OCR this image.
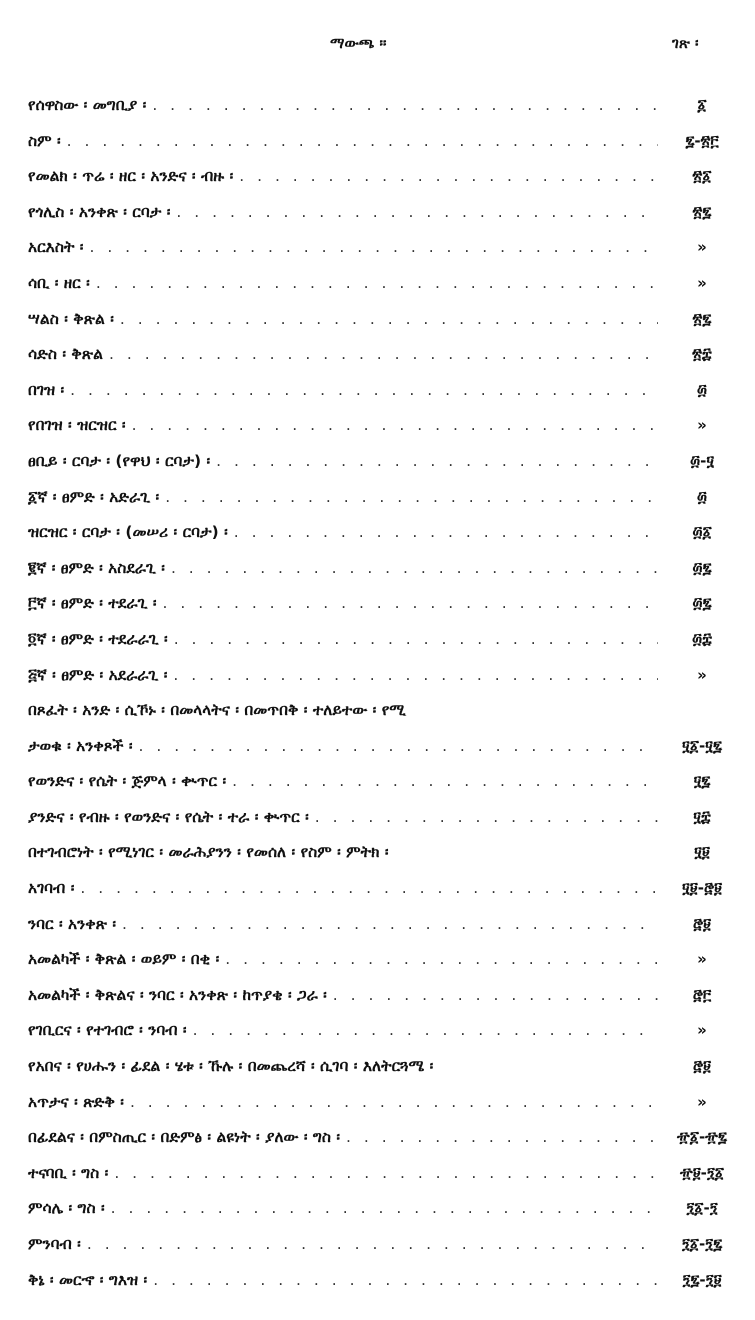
ማውጫ ።	ገጽ ፡
የሰዋስው ፡ መግቢያ ፡ . . .	፩
ስም ፡ . . .	፯-፳፫
የመልክ ፡ ጥሬ ፡ ዘር ፡ አንድና ፡ ብዙ ፡ . . .	፳፩
የጎሊስ ፡ አንቀጽ ፡ ርባታ ፡ . . .	፳፯
አርእስት ፡ . . .	»
ሳቢ ፡ ዘር ፡ . . .	»
ሣልስ ፡ ቅጽል ፡ . . .	፳፯
ሳድስ ፡ ቅጽል . . .	፳፰
በገዝ ፡ . . .	፴
የበገዝ ፡ ዝርዝር ፡ . . .	»
ፀቢይ ፡ ርባታ ፡ (የዋህ ፡ ርባታ) ፡ . . .	፴-፶
፩ኛ ፡ ፀምድ ፡ አድራጊ ፡ . . .	፴
ዝርዝር ፡ ርባታ ፡ (መሠሪ ፡ ርባታ) ፡ . . .	፴፩
፪ኛ ፡ ፀምድ ፡ አስደራጊ ፡ . . .	፴፯
፫ኛ ፡ ፀምድ ፡ ተደራጊ ፡ . . .	፴፯
፬ኛ ፡ ፀምድ ፡ ተደራራጊ ፡ . . .	፴፰
፭ኛ ፡ ፀምድ ፡ አደራራጊ ፡ . . .	»
በጾፈት ፡ አንድ ፡ ሲኾኑ ፡ በመላላትና ፡ በመጥበቅ ፡ ተለይተው ፡ የሚ
ታወቁ ፡ አንቀጾች ፡ . . .	፶፩-፶፯
የወንድና ፡ የሴት ፡ ጅምላ ፡ ቊጥር ፡ . . .	፶፯
ያንድና ፡ የብዙ ፡ የወንድና ፡ የሴት ፡ ተራ ፡ ቊጥር ፡ . . .	፶፰
በተገብሮነት ፡ የሚነገር ፡ መራሕያንን ፡ የመሰለ ፡ የስም ፡ ምትክ ፡	፶፱
አገባብ ፡ . . .	፶፱-፸፱
ንባር ፡ አንቀጽ ፡ . . .	፸፱
አመልካች ፡ ቅጽል ፡ ወይም ፡ በቂ ፡ . . .	»
አመልካች ፡ ቅጽልና ፡ ንባር ፡ አንቀጽ ፡ ከጥያቄ ፡ ጋራ ፡ . . .	፸፫
የገቢርና ፡ የተገብሮ ፡ ንባብ ፡ . . .	»
የአበና ፡ የሀሑን ፡ ፊደል ፡ ሄቱ ፡ ኹሉ ፡ በመጨረሻ ፡ ሲገባ ፡ እለትርጓሜ ፡	፸፱
አጥታና ፡ ጽድቅ ፡ . . .	»
በፊደልና ፡ በምስጢር ፡ በድምፅ ፡ ልዩነት ፡ ያለው ፡ ግስ ፡ . . .	፹፩-፹፯
ተናባቢ ፡ ግስ ፡ . . .	፹፱-፺፩
ምሳሌ ፡ ግስ ፡ . . .	፺፩-፺
ምንባብ ፡ . . .	፺፩-፺፯
ቅኔ ፡ መርኆ ፡ ግእዝ ፡ . . .	፺፯-፺፱
